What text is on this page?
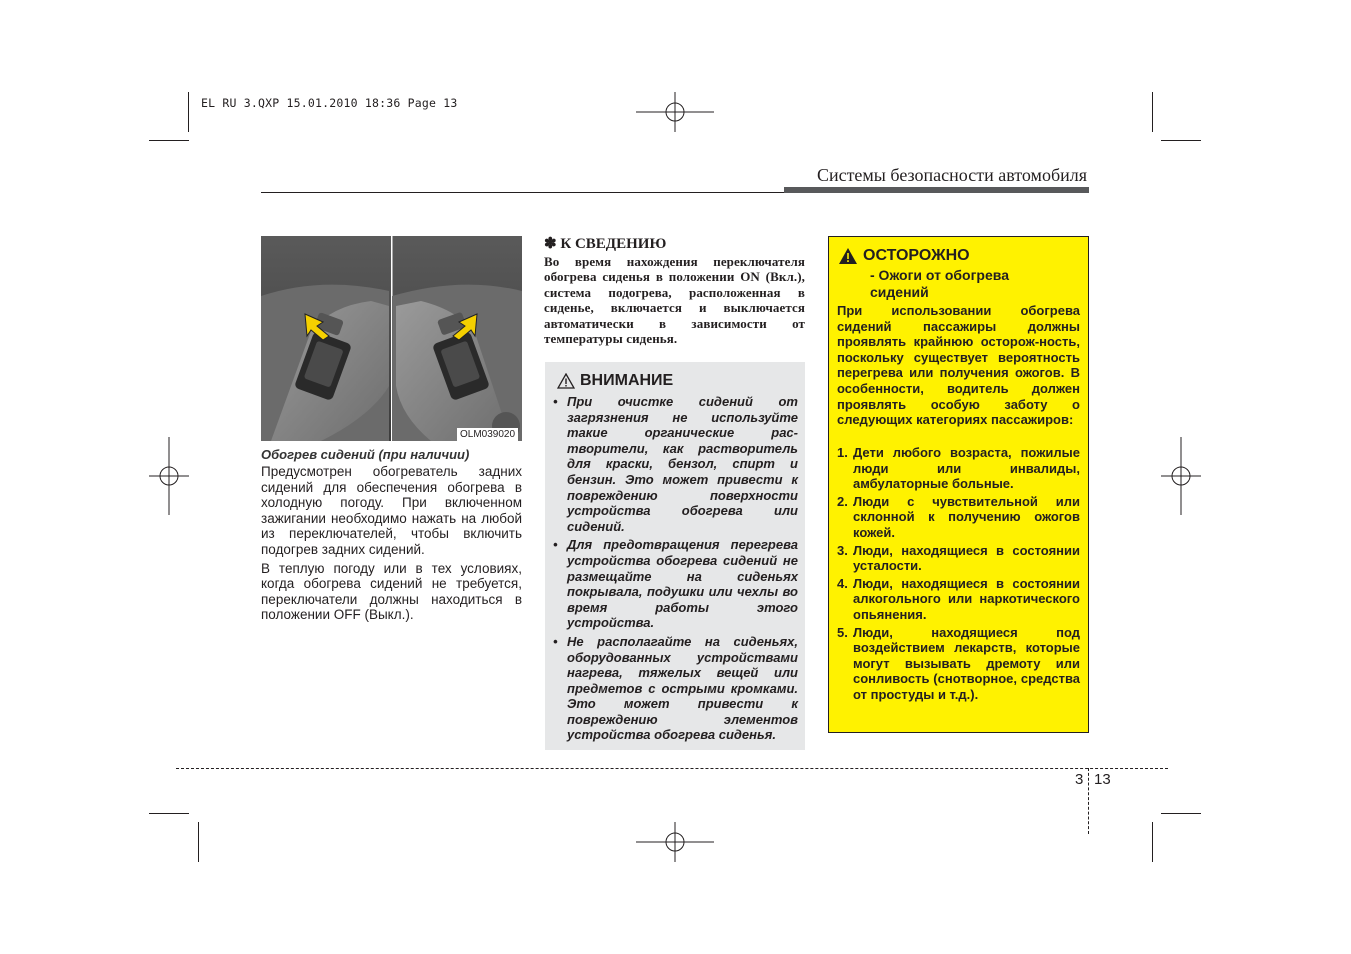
EL RU 3.QXP 15.01.2010 18:36 Page 13
Системы безопасности автомобиля
OLM039020
Обогрев сидений (при наличии)

Предусмотрен обогреватель задних сидений для обеспечения обогрева в холодную погоду. При включенном зажигании необходимо нажать на любой из переключателей, чтобы включить подогрев задних сидений.

В теплую погоду или в тех условиях, когда обогрева сидений не требуется, переключатели должны находиться в положении OFF (Выкл.).

✽ К СВЕДЕНИЮ
Во время нахождения переключателя обогрева сиденья в положении ON (Вкл.), система подогрева, расположенная в сиденье, включается и выключается автоматически в зависимости от температуры сиденья.
ВНИМАНИЕ
• При очистке сидений от загрязнения не используйте такие органические рас-творители, как растворитель для краски, бензол, спирт и бензин. Это может привести к повреждению поверхности устройства обогрева или сидений.
• Для предотвращения перегрева устройства обогрева сидений не размещайте на сиденьях покрывала, подушки или чехлы во время работы этого устройства.
• Не располагайте на сиденьях, оборудованных устройствами нагрева, тяжелых вещей или предметов с острыми кромками. Это может привести к повреждению элементов устройства обогрева сиденья.
ОСТОРОЖНО
- Ожоги от обогрева сидений
При использовании обогрева сидений пассажиры должны проявлять крайнюю осторож-ность, поскольку существует вероятность перегрева или получения ожогов. В особенности, водитель должен проявлять особую заботу о следующих категориях пассажиров:
1. Дети любого возраста, пожилые люди или инвалиды, амбулаторные больные.
2. Люди с чувствительной или склонной к получению ожогов кожей.
3. Люди, находящиеся в состоянии усталости.
4. Люди, находящиеся в состоянии алкогольного или наркотического опьянения.
5. Люди, находящиеся под воздействием лекарств, которые могут вызывать дремоту или сонливость (снотворное, средства от простуды и т.д.).
3 13
